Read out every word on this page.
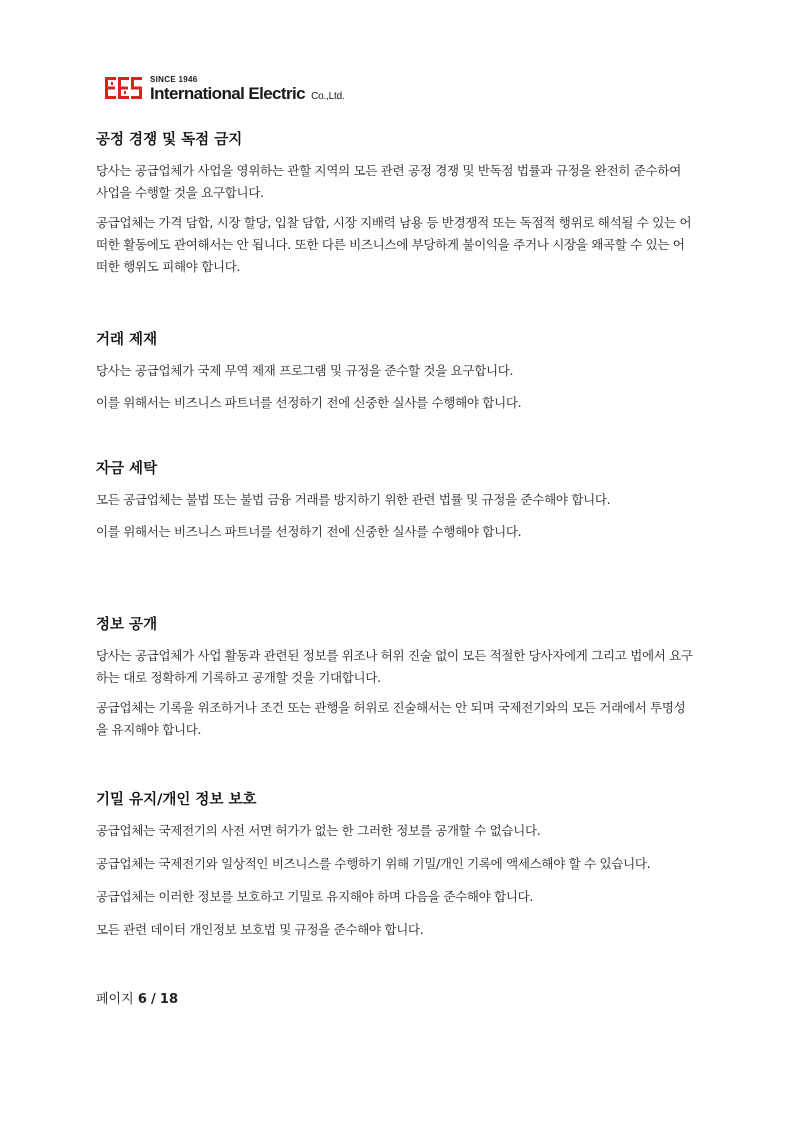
SINCE 1946
International Electric Co.,Ltd.
공정 경쟁 및 독점 금지

당사는 공급업체가 사업을 영위하는 관할 지역의 모든 관련 공정 경쟁 및 반독점 법률과 규정을 완전히 준수하여 사업을 수행할 것을 요구합니다.

공급업체는 가격 담합, 시장 할당, 입찰 담합, 시장 지배력 남용 등 반경쟁적 또는 독점적 행위로 해석될 수 있는 어떠한 활동에도 관여해서는 안 됩니다. 또한 다른 비즈니스에 부당하게 불이익을 주거나 시장을 왜곡할 수 있는 어떠한 행위도 피해야 합니다.

거래 제재

당사는 공급업체가 국제 무역 제재 프로그램 및 규정을 준수할 것을 요구합니다.

이를 위해서는 비즈니스 파트너를 선정하기 전에 신중한 실사를 수행해야 합니다.

자금 세탁

모든 공급업체는 불법 또는 불법 금융 거래를 방지하기 위한 관련 법률 및 규정을 준수해야 합니다.

이를 위해서는 비즈니스 파트너를 선정하기 전에 신중한 실사를 수행해야 합니다.

정보 공개

당사는 공급업체가 사업 활동과 관련된 정보를 위조나 허위 진술 없이 모든 적절한 당사자에게 그리고 법에서 요구하는 대로 정확하게 기록하고 공개할 것을 기대합니다.

공급업체는 기록을 위조하거나 조건 또는 관행을 허위로 진술해서는 안 되며 국제전기와의 모든 거래에서 투명성을 유지해야 합니다.

기밀 유지/개인 정보 보호

공급업체는 국제전기의 사전 서면 허가가 없는 한 그러한 정보를 공개할 수 없습니다.

공급업체는 국제전기와 일상적인 비즈니스를 수행하기 위해 기밀/개인 기록에 액세스해야 할 수 있습니다.

공급업체는 이러한 정보를 보호하고 기밀로 유지해야 하며 다음을 준수해야 합니다.

모든 관련 데이터 개인정보 보호법 및 규정을 준수해야 합니다.

페이지 6 / 18
